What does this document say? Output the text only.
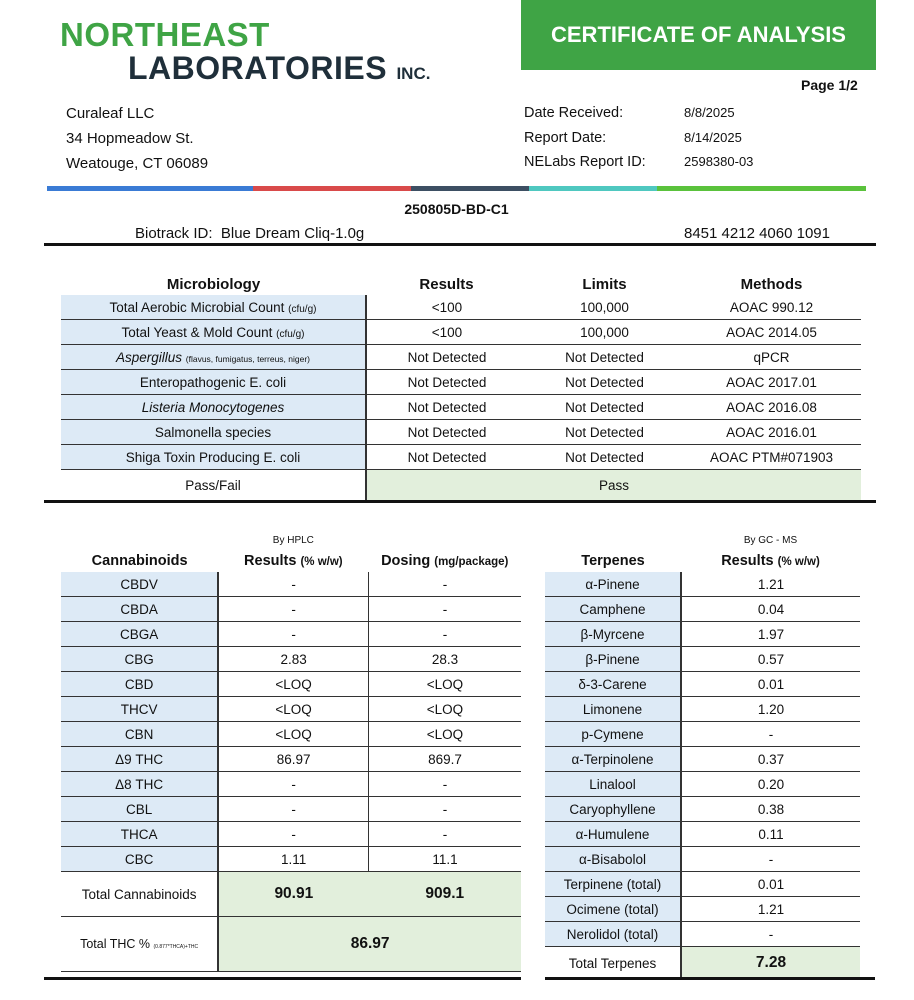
NORTHEAST
LABORATORIES INC.
CERTIFICATE OF ANALYSIS
Page 1/2
Curaleaf LLC
34 Hopmeadow St.
Weatouge, CT 06089
Date Received:	8/8/2025
Report Date:	8/14/2025
NELabs Report ID:	2598380-03
250805D-BD-C1
Biotrack ID: Blue Dream Cliq-1.0g	8451 4212 4060 1091
Microbiology	Results	Limits	Methods
Total Aerobic Microbial Count (cfu/g)	<100	100,000	AOAC 990.12
Total Yeast & Mold Count (cfu/g)	<100	100,000	AOAC 2014.05
Aspergillus (flavus, fumigatus, terreus, niger)	Not Detected	Not Detected	qPCR
Enteropathogenic E. coli	Not Detected	Not Detected	AOAC 2017.01
Listeria Monocytogenes	Not Detected	Not Detected	AOAC 2016.08
Salmonella species	Not Detected	Not Detected	AOAC 2016.01
Shiga Toxin Producing E. coli	Not Detected	Not Detected	AOAC PTM#071903
Pass/Fail	Pass		
	By HPLC	
Cannabinoids	Results (% w/w)	Dosing (mg/package)
CBDV	-	-
CBDA	-	-
CBGA	-	-
CBG	2.83	28.3
CBD	<LOQ	<LOQ
THCV	<LOQ	<LOQ
CBN	<LOQ	<LOQ
Δ9 THC	86.97	869.7
Δ8 THC	-	-
CBL	-	-
THCA	-	-
CBC	1.11	11.1
Total Cannabinoids	90.91	909.1
Total THC % (0.877*THCA)+THC	86.97	
	By GC - MS
Terpenes	Results (% w/w)
α-Pinene	1.21
Camphene	0.04
β-Myrcene	1.97
β-Pinene	0.57
δ-3-Carene	0.01
Limonene	1.20
p-Cymene	-
α-Terpinolene	0.37
Linalool	0.20
Caryophyllene	0.38
α-Humulene	0.11
α-Bisabolol	-
Terpinene (total)	0.01
Ocimene (total)	1.21
Nerolidol (total)	-
Total Terpenes	7.28
